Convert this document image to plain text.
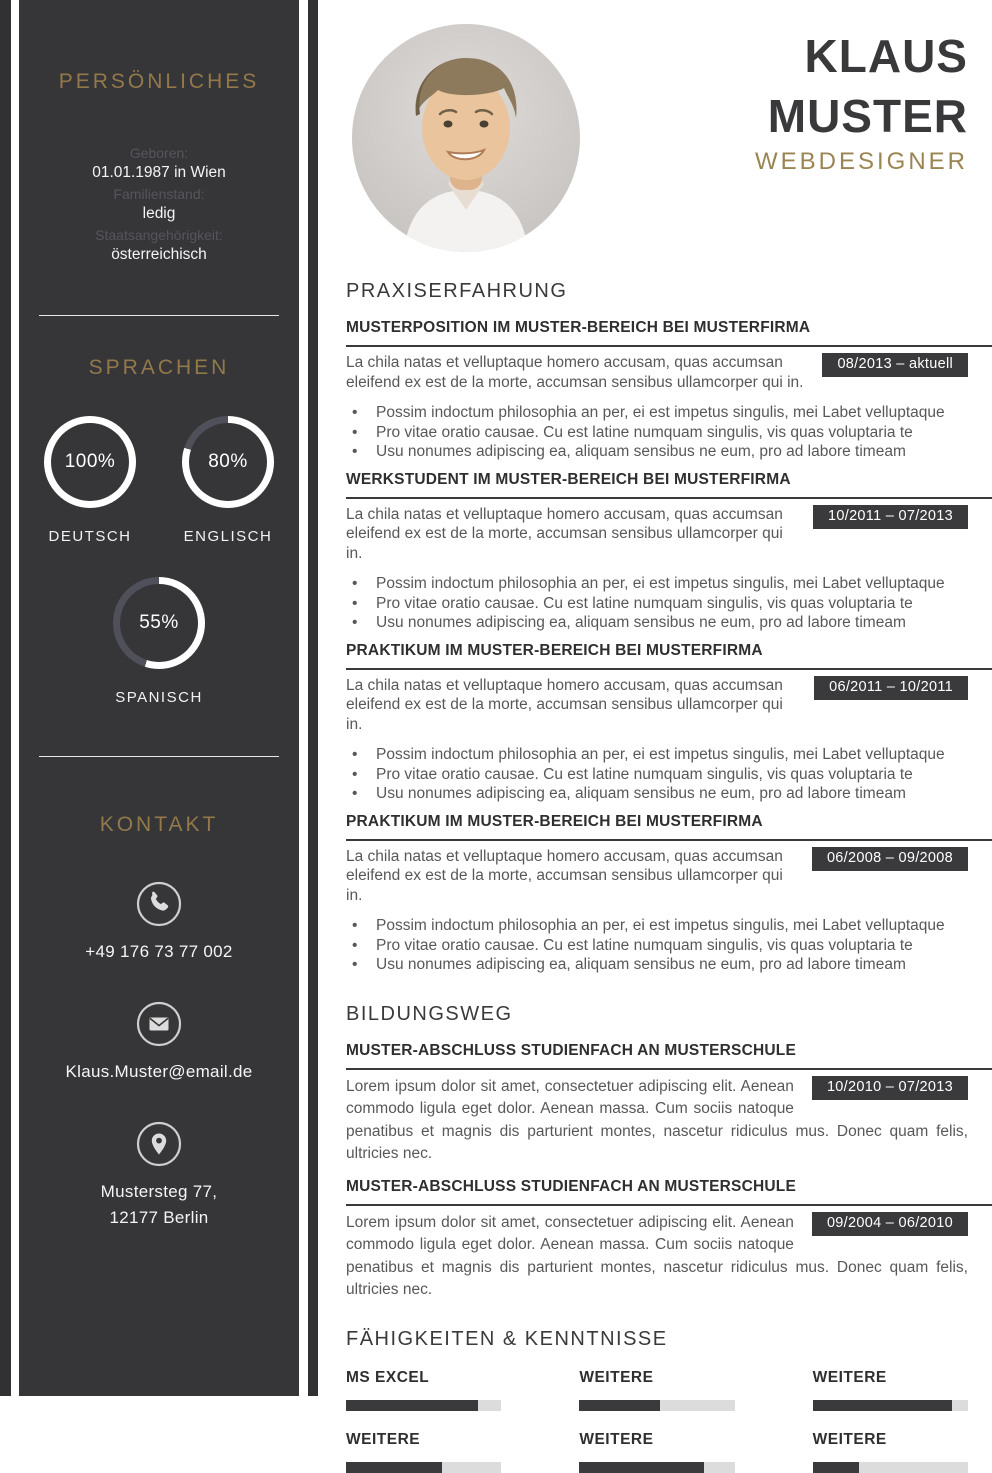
PERSÖNLICHES
Geboren:
01.01.1987 in Wien
Familienstand:
ledig
Staatsangehörigkeit:
österreichisch
SPRACHEN
100%
DEUTSCH
80%
ENGLISCH
55%
SPANISCH
KONTAKT
+49 176 73 77 002
Klaus.Muster@email.de
Mustersteg 77,
12177 Berlin
KLAUS
MUSTER
WEBDESIGNER
PRAXISERFAHRUNG
MUSTERPOSITION IM MUSTER-BEREICH BEI MUSTERFIRMA
08/2013 – aktuell

La chila natas et velluptaque homero accusam, quas accumsan eleifend ex est de la morte, accumsan sensibus ullamcorper qui in.

•	Possim indoctum philosophia an per, ei est impetus singulis, mei Labet velluptaque
•	Pro vitae oratio causae. Cu est latine numquam singulis, vis quas voluptaria te
•	Usu nonumes adipiscing ea, aliquam sensibus ne eum, pro ad labore timeam
WERKSTUDENT IM MUSTER-BEREICH BEI MUSTERFIRMA
10/2011 – 07/2013

La chila natas et velluptaque homero accusam, quas accumsan eleifend ex est de la morte, accumsan sensibus ullamcorper qui in.

•	Possim indoctum philosophia an per, ei est impetus singulis, mei Labet velluptaque
•	Pro vitae oratio causae. Cu est latine numquam singulis, vis quas voluptaria te
•	Usu nonumes adipiscing ea, aliquam sensibus ne eum, pro ad labore timeam
PRAKTIKUM IM MUSTER-BEREICH BEI MUSTERFIRMA
06/2011 – 10/2011

La chila natas et velluptaque homero accusam, quas accumsan eleifend ex est de la morte, accumsan sensibus ullamcorper qui in.

•	Possim indoctum philosophia an per, ei est impetus singulis, mei Labet velluptaque
•	Pro vitae oratio causae. Cu est latine numquam singulis, vis quas voluptaria te
•	Usu nonumes adipiscing ea, aliquam sensibus ne eum, pro ad labore timeam
PRAKTIKUM IM MUSTER-BEREICH BEI MUSTERFIRMA
06/2008 – 09/2008

La chila natas et velluptaque homero accusam, quas accumsan eleifend ex est de la morte, accumsan sensibus ullamcorper qui in.

•	Possim indoctum philosophia an per, ei est impetus singulis, mei Labet velluptaque
•	Pro vitae oratio causae. Cu est latine numquam singulis, vis quas voluptaria te
•	Usu nonumes adipiscing ea, aliquam sensibus ne eum, pro ad labore timeam
BILDUNGSWEG
MUSTER-ABSCHLUSS STUDIENFACH AN MUSTERSCHULE
10/2010 – 07/2013

Lorem ipsum dolor sit amet, consectetuer adipiscing elit. Aenean commodo ligula eget dolor. Aenean massa. Cum sociis natoque penatibus et magnis dis parturient montes, nascetur ridiculus mus. Donec quam felis, ultricies nec.

MUSTER-ABSCHLUSS STUDIENFACH AN MUSTERSCHULE
09/2004 – 06/2010

Lorem ipsum dolor sit amet, consectetuer adipiscing elit. Aenean commodo ligula eget dolor. Aenean massa. Cum sociis natoque penatibus et magnis dis parturient montes, nascetur ridiculus mus. Donec quam felis, ultricies nec.

FÄHIGKEITEN & KENNTNISSE
MS EXCEL	WEITERE	WEITERE
WEITERE	WEITERE	WEITERE
